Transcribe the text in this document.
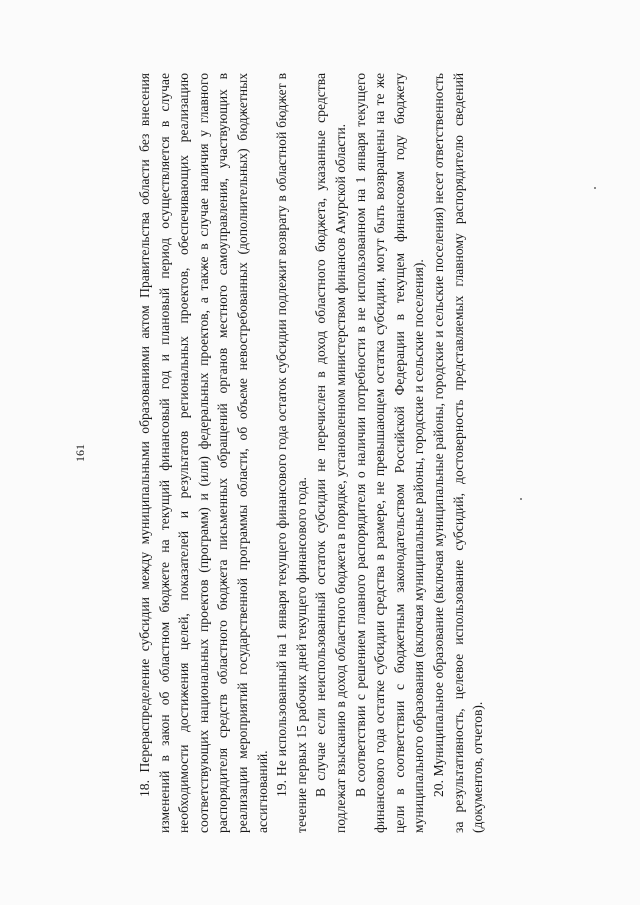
161	18. Перераспределение субсидии между муниципальными образованиями актом Правительства области без внесения изменений в закон об областном бюджете на текущий финансовый год и плановый период осуществляется в случае необходимости достижения целей, показателей и результатов региональных проектов, обеспечивающих реализацию соответствующих национальных проектов (программ) и (или) федеральных проектов, а также в случае наличия у главного распорядителя средств областного бюджета письменных обращений органов местного самоуправления, участвующих в реализации мероприятий государственной программы области, об объеме невостребованных (дополнительных) бюджетных ассигнований. 19. Не использованный на 1 января текущего финансового года остаток субсидии подлежит возврату в областной бюджет в течение первых 15 рабочих дней текущего финансового года. В случае если неиспользованный остаток субсидии не перечислен в доход областного бюджета, указанные средства подлежат взысканию в доход областного бюджета в порядке, установленном министерством финансов Амурской области. В соответствии с решением главного распорядителя о наличии потребности в не использованном на 1 января текущего финансового года остатке субсидии средства в размере, не превышающем остатка субсидии, могут быть возвращены на те же цели в соответствии с бюджетным законодательством Российской Федерации в текущем финансовом году бюджету муниципального образования (включая муниципальные районы, городские и сельские поселения). 20. Муниципальное образование (включая муниципальные районы, городские и сельские поселения) несет ответственность за результативность, целевое использование субсидий, достоверность представляемых главному распорядителю сведений (документов, отчетов).
